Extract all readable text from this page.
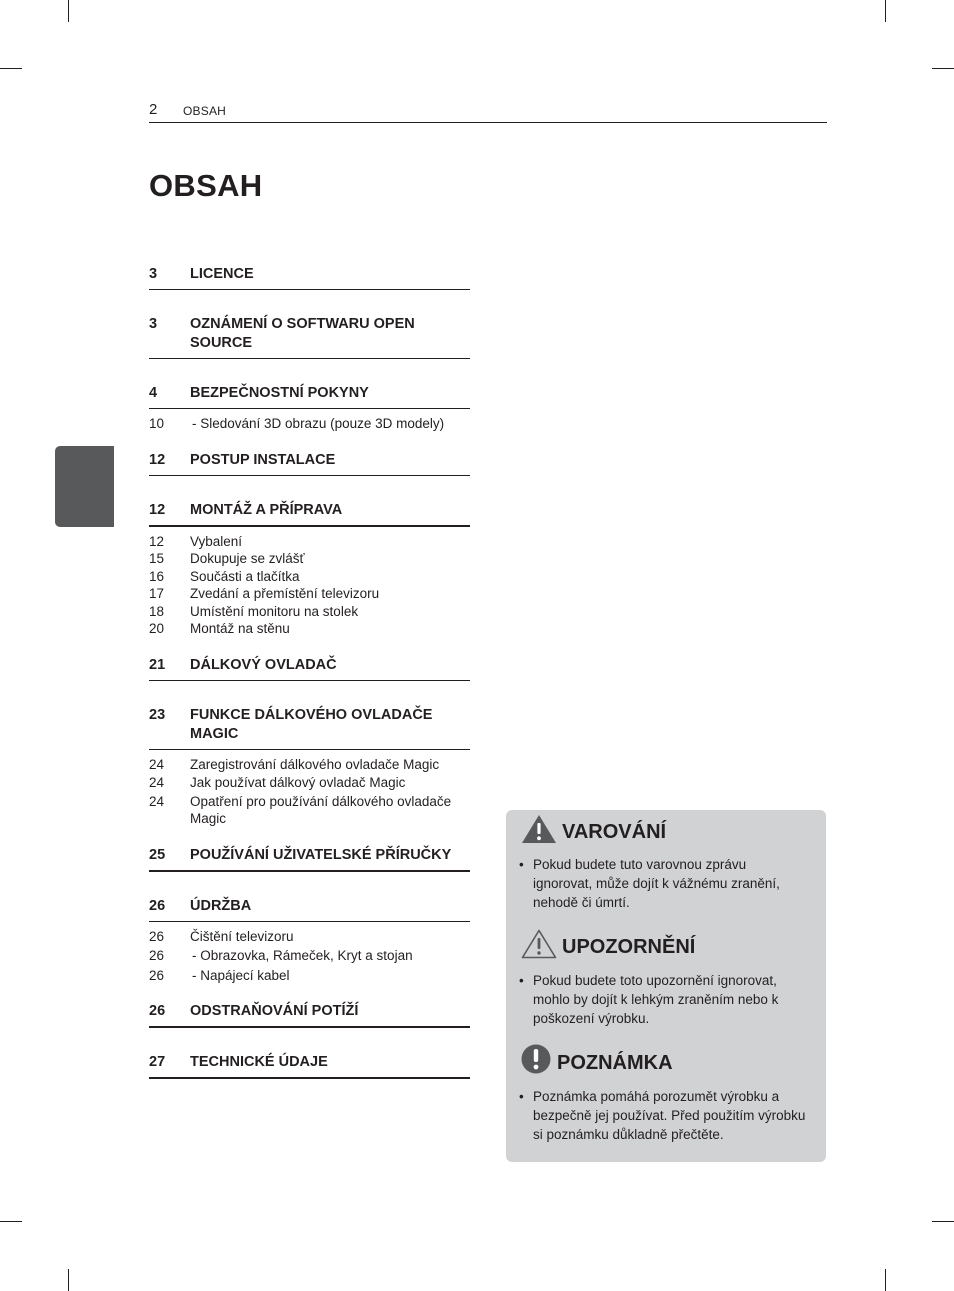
2 OBSAH
OBSAH
ČESKY
3 LICENCE
3 OZNÁMENÍ O SOFTWARU OPEN SOURCE
4 BEZPEČNOSTNÍ POKYNY
10 - Sledování 3D obrazu (pouze 3D modely)
12 POSTUP INSTALACE
12 MONTÁŽ A PŘÍPRAVA
12 Vybalení
15 Dokupuje se zvlášť
16 Součásti a tlačítka
17 Zvedání a přemístění televizoru
18 Umístění monitoru na stolek
20 Montáž na stěnu
21 DÁLKOVÝ OVLADAČ
23 FUNKCE DÁLKOVÉHO OVLADAČE MAGIC
24 Zaregistrování dálkového ovladače Magic
24 Jak používat dálkový ovladač Magic
24 Opatření pro používání dálkového ovladače Magic
25 POUŽÍVÁNÍ UŽIVATELSKÉ PŘÍRUČKY
26 ÚDRŽBA
26 Čištění televizoru
26 - Obrazovka, Rámeček, Kryt a stojan
26 - Napájecí kabel
26 ODSTRAŇOVÁNÍ POTÍŽÍ
27 TECHNICKÉ ÚDAJE
VAROVÁNÍ
• Pokud budete tuto varovnou zprávu ignorovat, může dojít k vážnému zranění, nehodě či úmrtí.
UPOZORNĚNÍ
• Pokud budete toto upozornění ignorovat, mohlo by dojít k lehkým zraněním nebo k poškození výrobku.
POZNÁMKA
• Poznámka pomáhá porozumět výrobku a bezpečně jej používat. Před použitím výrobku si poznámku důkladně přečtěte.
